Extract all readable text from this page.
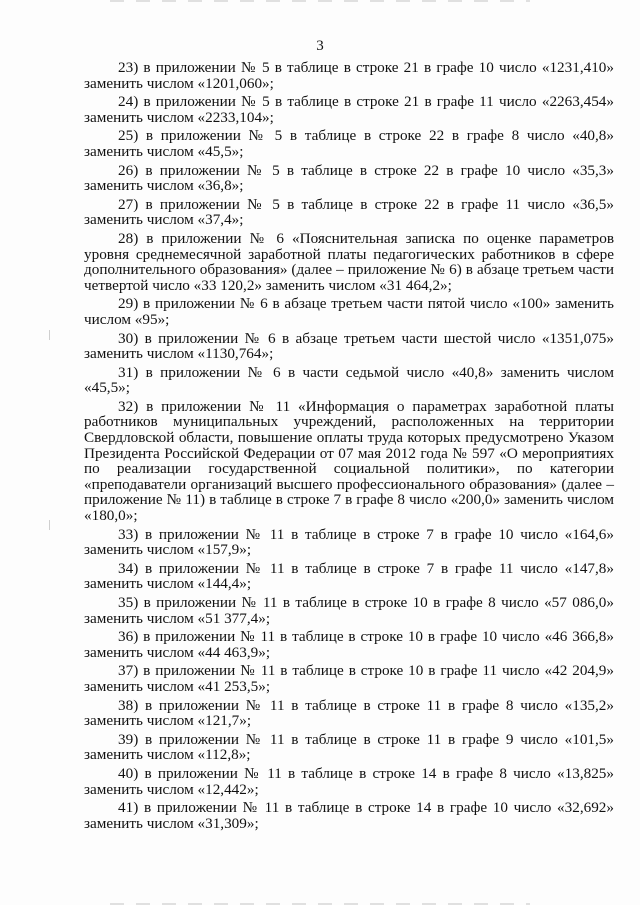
3

23) в приложении № 5 в таблице в строке 21 в графе 10 число «1231,410» заменить числом «1201,060»;

24) в приложении № 5 в таблице в строке 21 в графе 11 число «2263,454» заменить числом «2233,104»;

25) в приложении № 5 в таблице в строке 22 в графе 8 число «40,8» заменить числом «45,5»;

26) в приложении № 5 в таблице в строке 22 в графе 10 число «35,3» заменить числом «36,8»;

27) в приложении № 5 в таблице в строке 22 в графе 11 число «36,5» заменить числом «37,4»;

28) в приложении № 6 «Пояснительная записка по оценке параметров уровня среднемесячной заработной платы педагогических работников в сфере дополнительного образования» (далее – приложение № 6) в абзаце третьем части четвертой число «33 120,2» заменить числом «31 464,2»;

29) в приложении № 6 в абзаце третьем части пятой число «100» заменить числом «95»;

30) в приложении № 6 в абзаце третьем части шестой число «1351,075» заменить числом «1130,764»;

31) в приложении № 6 в части седьмой число «40,8» заменить числом «45,5»;

32) в приложении № 11 «Информация о параметрах заработной платы работников муниципальных учреждений, расположенных на территории Свердловской области, повышение оплаты труда которых предусмотрено Указом Президента Российской Федерации от 07 мая 2012 года № 597 «О мероприятиях по реализации государственной социальной политики», по категории «преподаватели организаций высшего профессионального образования» (далее – приложение № 11) в таблице в строке 7 в графе 8 число «200,0» заменить числом «180,0»;

33) в приложении № 11 в таблице в строке 7 в графе 10 число «164,6» заменить числом «157,9»;

34) в приложении № 11 в таблице в строке 7 в графе 11 число «147,8» заменить числом «144,4»;

35) в приложении № 11 в таблице в строке 10 в графе 8 число «57 086,0» заменить числом «51 377,4»;

36) в приложении № 11 в таблице в строке 10 в графе 10 число «46 366,8» заменить числом «44 463,9»;

37) в приложении № 11 в таблице в строке 10 в графе 11 число «42 204,9» заменить числом «41 253,5»;

38) в приложении № 11 в таблице в строке 11 в графе 8 число «135,2» заменить числом «121,7»;

39) в приложении № 11 в таблице в строке 11 в графе 9 число «101,5» заменить числом «112,8»;

40) в приложении № 11 в таблице в строке 14 в графе 8 число «13,825» заменить числом «12,442»;

41) в приложении № 11 в таблице в строке 14 в графе 10 число «32,692» заменить числом «31,309»;
